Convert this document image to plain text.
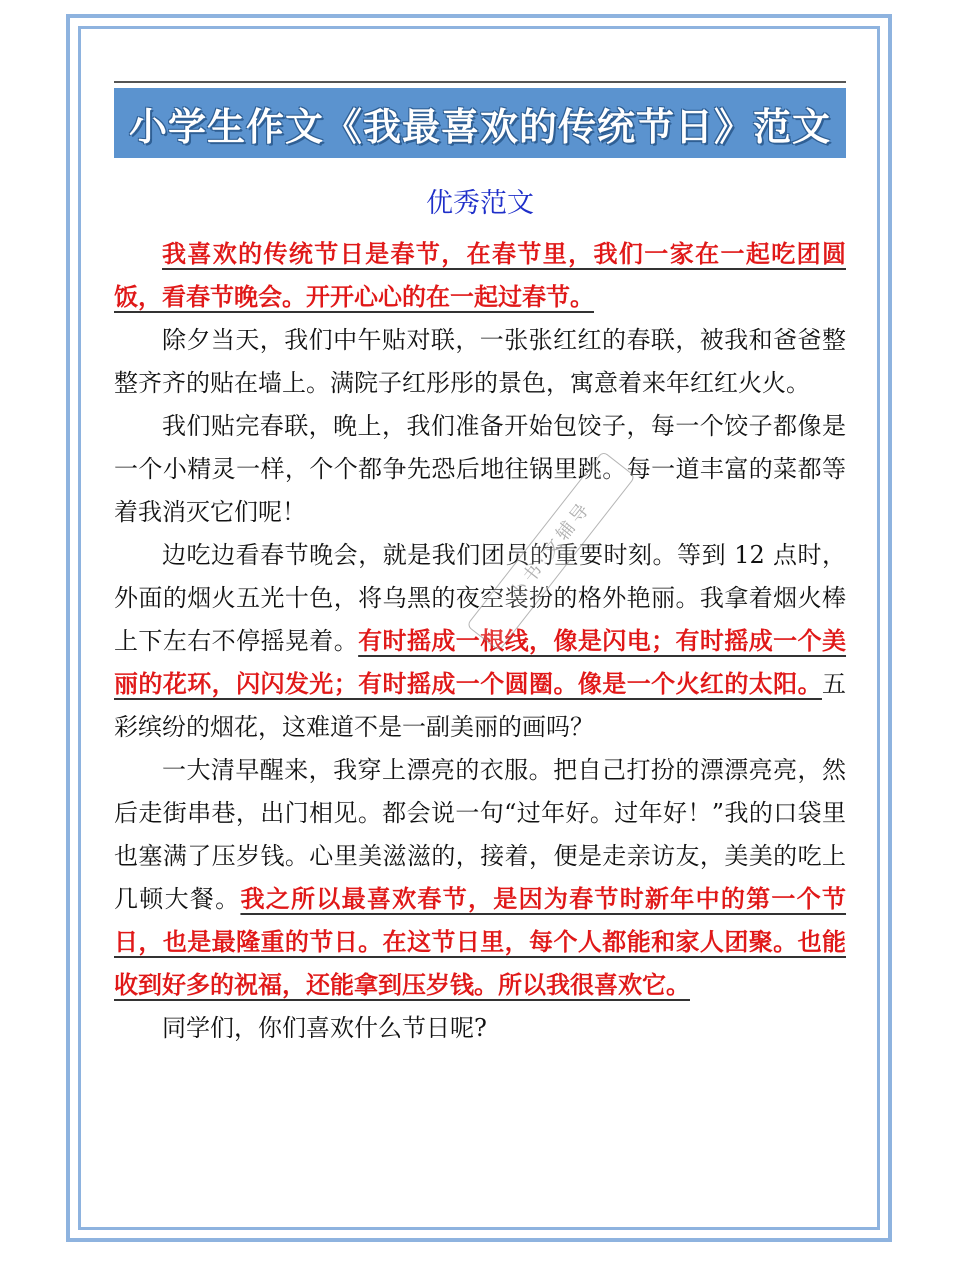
小学生作文《我最喜欢的传统节日》范文
优秀范文

我喜欢的传统节日是春节，在春节里，我们一家在一起吃团圆饭，看春节晚会。开开心心的在一起过春节。

除夕当天，我们中午贴对联，一张张红红的春联，被我和爸爸整整齐齐的贴在墙上。满院子红彤彤的景色，寓意着来年红红火火。

我们贴完春联，晚上，我们准备开始包饺子，每一个饺子都像是一个小精灵一样，个个都争先恐后地往锅里跳。每一道丰富的菜都等着我消灭它们呢！

边吃边看春节晚会，就是我们团员的重要时刻。等到 12 点时，外面的烟火五光十色，将乌黑的夜空装扮的格外艳丽。我拿着烟火棒上下左右不停摇晃着。有时摇成一根线，像是闪电；有时摇成一个美丽的花环，闪闪发光；有时摇成一个圆圈。像是一个火红的太阳。五彩缤纷的烟花，这难道不是一副美丽的画吗？

一大清早醒来，我穿上漂亮的衣服。把自己打扮的漂漂亮亮，然后走街串巷，出门相见。都会说一句“过年好。过年好！”我的口袋里也塞满了压岁钱。心里美滋滋的，接着，便是走亲访友，美美的吃上几顿大餐。我之所以最喜欢春节，是因为春节时新年中的第一个节日，也是最隆重的节日。在这节日里，每个人都能和家人团聚。也能收到好多的祝福，还能拿到压岁钱。所以我很喜欢它。

同学们，你们喜欢什么节日呢?

小书·文辅导
